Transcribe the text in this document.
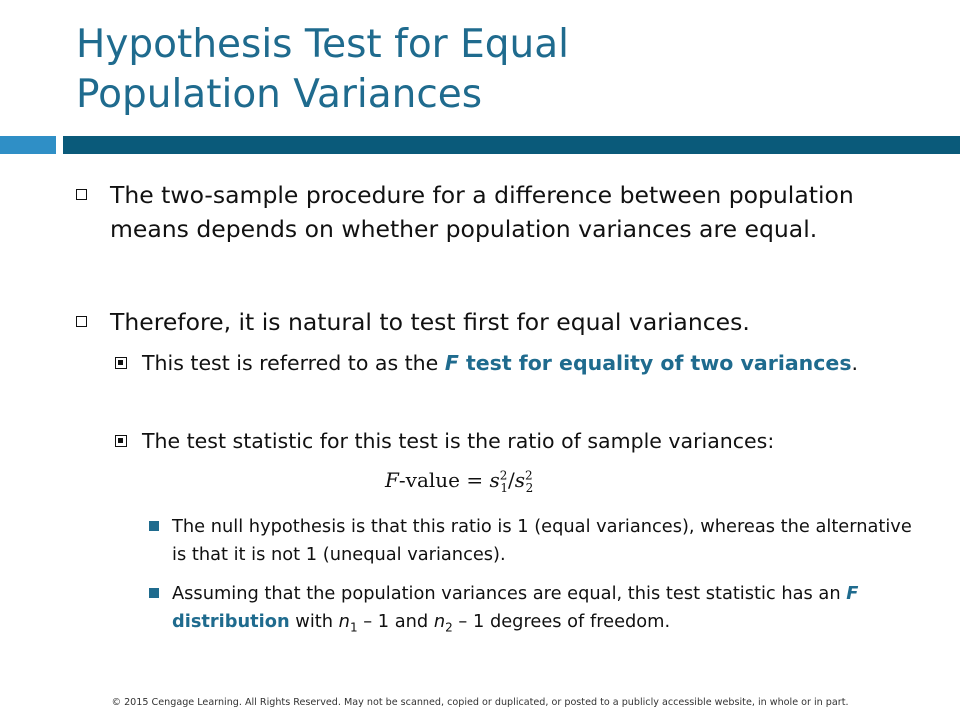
Hypothesis Test for Equal
Population Variances
The two-sample procedure for a difference between population means depends on whether population variances are equal.
Therefore, it is natural to test first for equal variances.
This test is referred to as the F test for equality of two variances.
The test statistic for this test is the ratio of sample variances:
F-value = $s^2_1/s^2_2$
The null hypothesis is that this ratio is 1 (equal variances), whereas the alternative is that it is not 1 (unequal variances).
Assuming that the population variances are equal, this test statistic has an F distribution with $n_1 - 1$ and $n_2 - 1$ degrees of freedom.
© 2015 Cengage Learning. All Rights Reserved. May not be scanned, copied or duplicated, or posted to a publicly accessible website, in whole or in part.
